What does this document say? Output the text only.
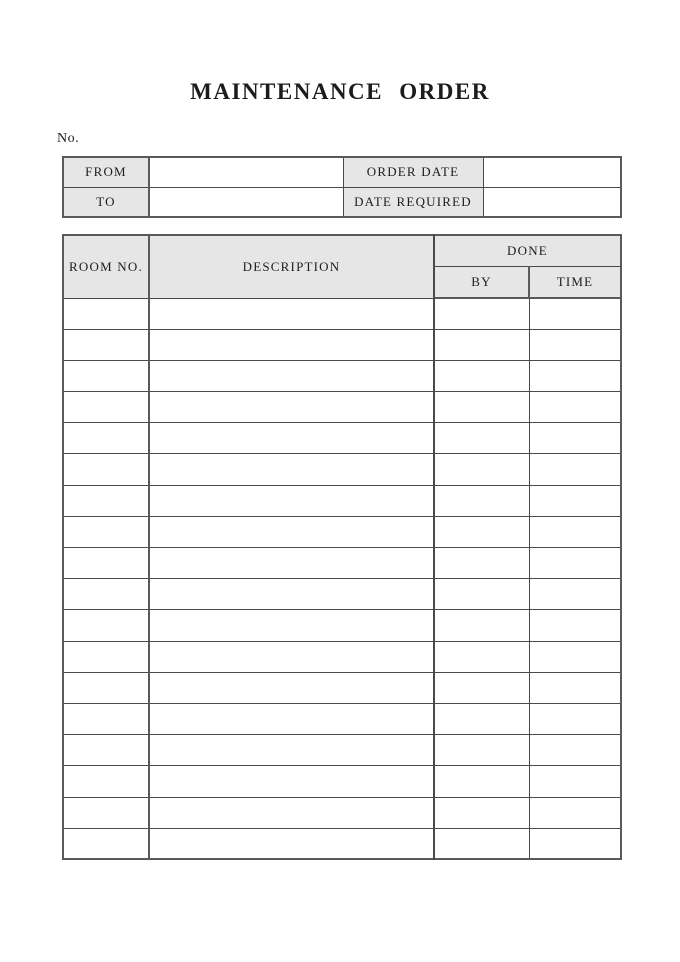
MAINTENANCE ORDER
No.
FROM		ORDER DATE	
TO		DATE REQUIRED	
ROOM NO.	DESCRIPTION	DONE	
		BY	TIME
